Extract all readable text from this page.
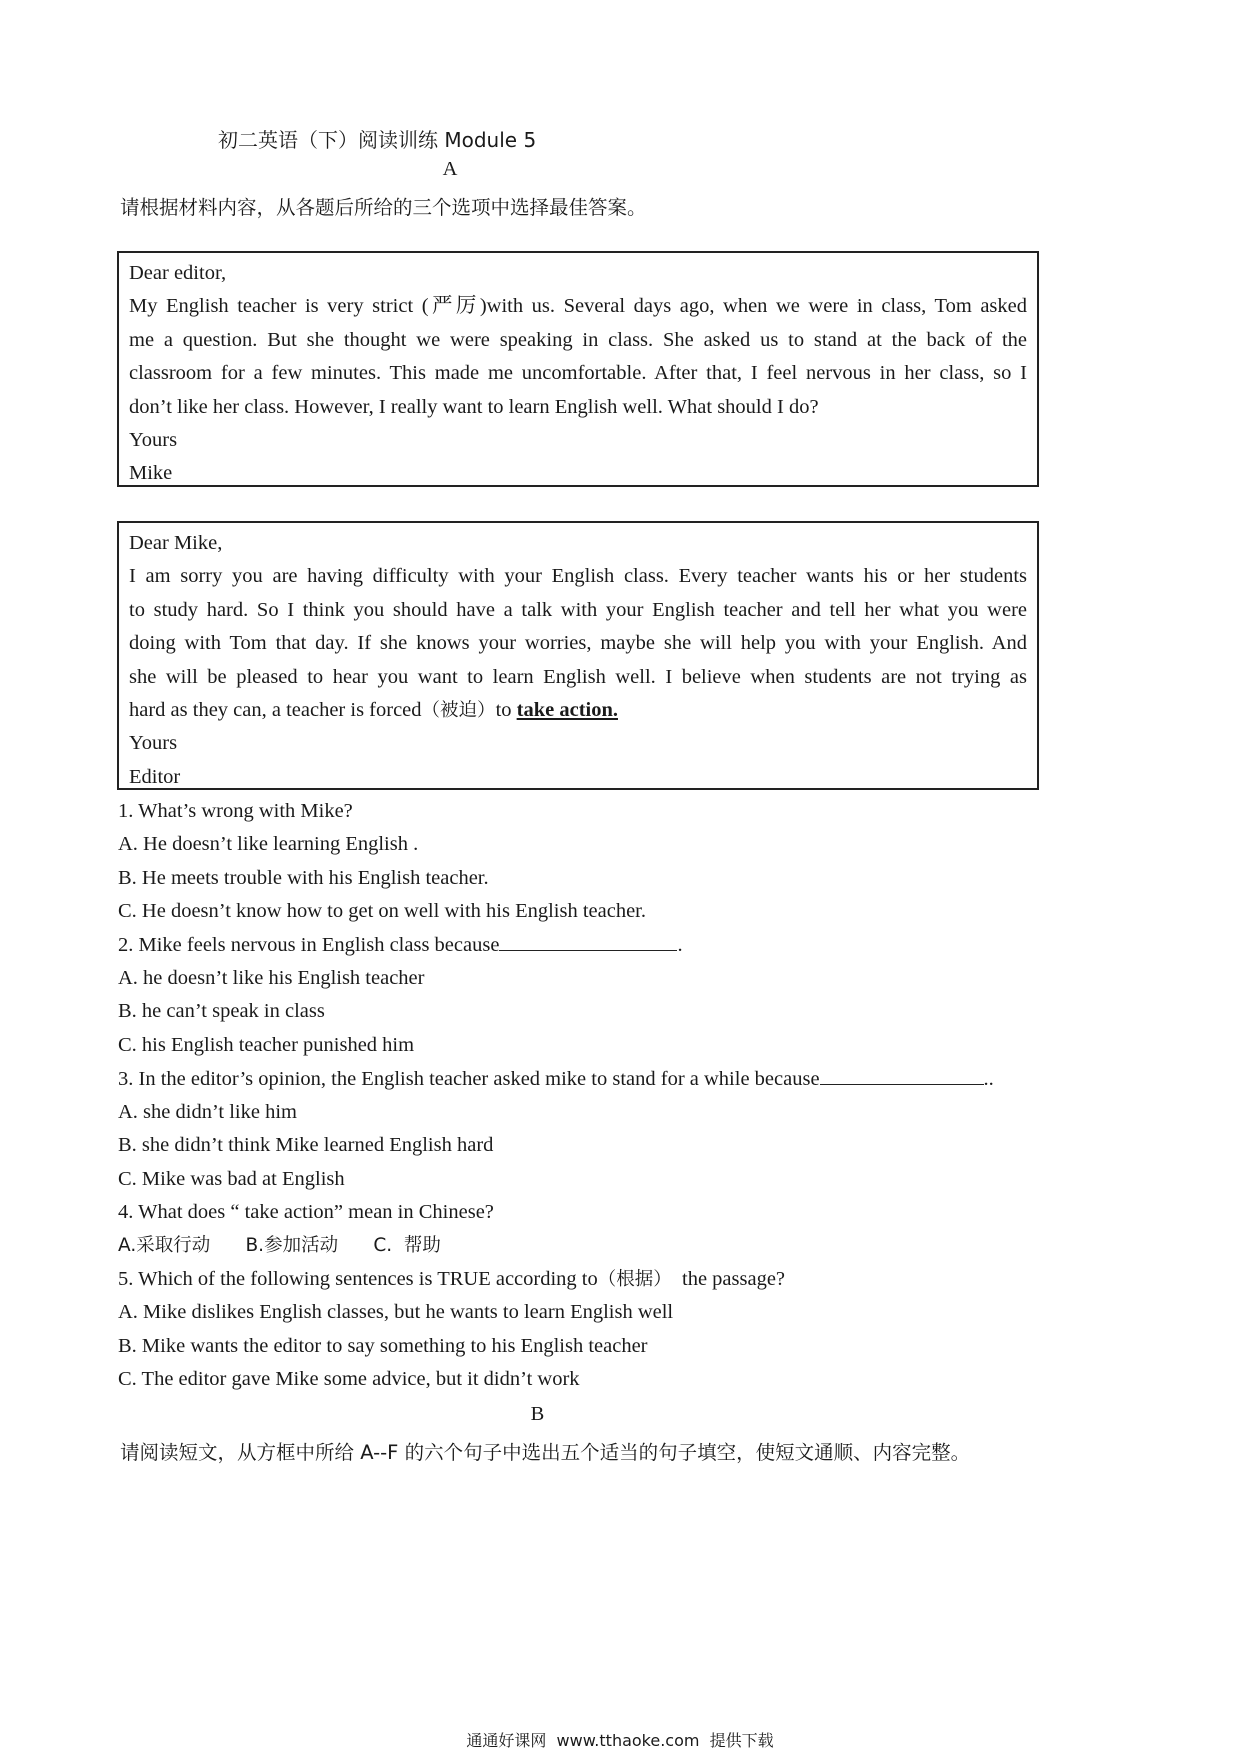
初二英语（下）阅读训练 Module 5
A
请根据材料内容，从各题后所给的三个选项中选择最佳答案。
Dear editor,
My English teacher is very strict (严厉)with us. Several days ago, when we were in class, Tom asked
me a question. But she thought we were speaking in class. She asked us to stand at the back of the
classroom for a few minutes. This made me uncomfortable. After that, I feel nervous in her class, so I
don’t like her class. However, I really want to learn English well. What should I do?
Yours
Mike
Dear Mike,
I am sorry you are having difficulty with your English class. Every teacher wants his or her students
to study hard. So I think you should have a talk with your English teacher and tell her what you were
doing with Tom that day. If she knows your worries, maybe she will help you with your English. And
she will be pleased to hear you want to learn English well. I believe when students are not trying as
hard as they can, a teacher is forced（被迫）to take action.
Yours
Editor
1. What’s wrong with Mike?
A. He doesn’t like learning English .
B. He meets trouble with his English teacher.
C. He doesn’t know how to get on well with his English teacher.
2. Mike feels nervous in English class because	.
A. he doesn’t like his English teacher
B. he can’t speak in class
C. his English teacher punished him
3. In the editor’s opinion, the English teacher asked mike to stand for a while because	..
A. she didn’t like him
B. she didn’t think Mike learned English hard
C. Mike was bad at English
4. What does “ take action” mean in Chinese?
A.采取行动      B.参加活动      C.  帮助
5. Which of the following sentences is TRUE according to（根据）  the passage?
A. Mike dislikes English classes, but he wants to learn English well
B. Mike wants the editor to say something to his English teacher
C. The editor gave Mike some advice, but it didn’t work
B
请阅读短文，从方框中所给 A--F 的六个句子中选出五个适当的句子填空，使短文通顺、内容完整。
通通好课网  www.tthaoke.com  提供下载
